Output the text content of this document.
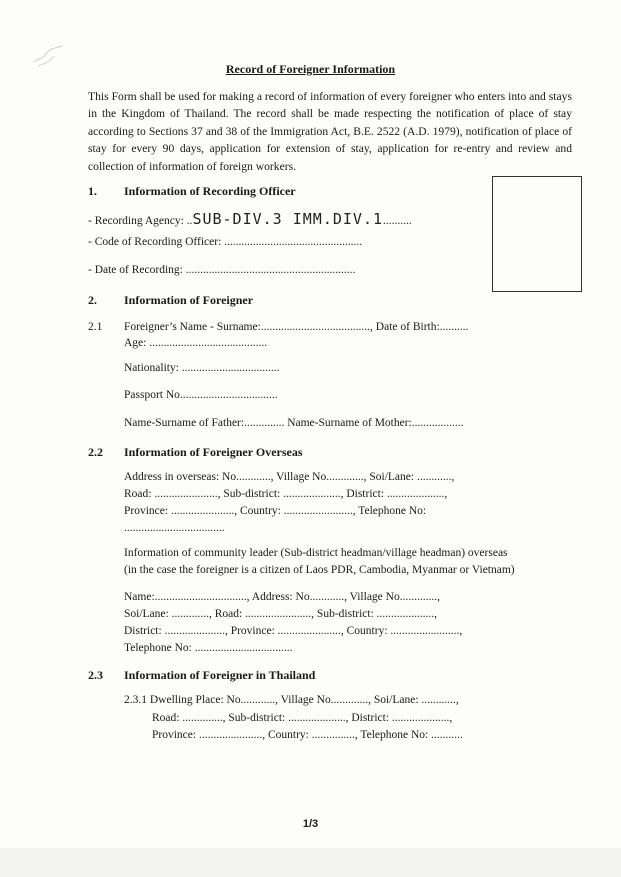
Record of Foreigner Information
This Form shall be used for making a record of information of every foreigner who enters into and stays in the Kingdom of Thailand. The record shall be made respecting the notification of place of stay according to Sections 37 and 38 of the Immigration Act, B.E. 2522 (A.D. 1979), notification of place of stay for every 90 days, application for extension of stay, application for re-entry and review and collection of information of foreign workers.
1. Information of Recording Officer
- Recording Agency: ..SUB-DIV.3 IMM.DIV.1..........
- Code of Recording Officer: ................................................
- Date of Recording: ...........................................................
2. Information of Foreigner
2.1 Foreigner’s Name - Surname:......................................, Date of Birth:..........
Age: .........................................
Nationality: ..................................
Passport No..................................
Name-Surname of Father:.............. Name-Surname of Mother:..................
2.2 Information of Foreigner Overseas
Address in overseas: No............, Village No............., Soi/Lane: ............,
Road: ......................, Sub-district: ...................., District: ....................,
Province: ......................, Country: ........................, Telephone No:
...................................
Information of community leader (Sub-district headman/village headman) overseas
(in the case the foreigner is a citizen of Laos PDR, Cambodia, Myanmar or Vietnam)
Name:................................, Address: No............, Village No.............,
Soi/Lane: ............., Road: ......................., Sub-district: ....................,
District: ....................., Province: ......................, Country: ........................,
Telephone No: ..................................
2.3 Information of Foreigner in Thailand
2.3.1 Dwelling Place: No............, Village No............., Soi/Lane: ............,
Road: .............., Sub-district: ...................., District: ....................,
Province: ......................, Country: ..............., Telephone No: ...........
1/3
